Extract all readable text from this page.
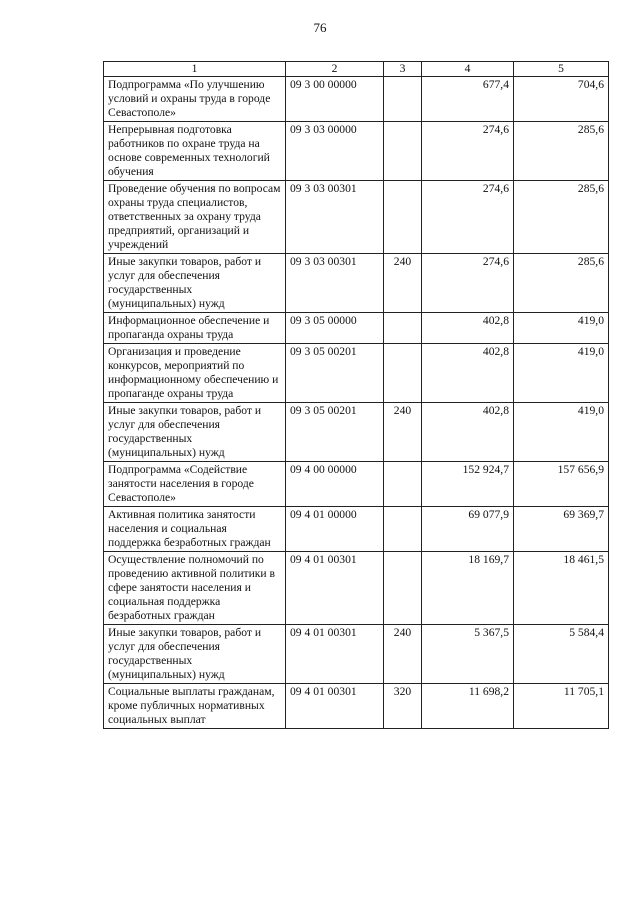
76
1	2	3	4	5
Подпрограмма «По улучшению условий и охраны труда в городе Севастополе»	09 3 00 00000		677,4	704,6
Непрерывная подготовка работников по охране труда на основе современных технологий обучения	09 3 03 00000		274,6	285,6
Проведение обучения по вопросам охраны труда специалистов, ответственных за охрану труда предприятий, организаций и учреждений	09 3 03 00301		274,6	285,6
Иные закупки товаров, работ и услуг для обеспечения государственных (муниципальных) нужд	09 3 03 00301	240	274,6	285,6
Информационное обеспечение и пропаганда охраны труда	09 3 05 00000		402,8	419,0
Организация и проведение конкурсов, мероприятий по информационному обеспечению и пропаганде охраны труда	09 3 05 00201		402,8	419,0
Иные закупки товаров, работ и услуг для обеспечения государственных (муниципальных) нужд	09 3 05 00201	240	402,8	419,0
Подпрограмма «Содействие занятости населения в городе Севастополе»	09 4 00 00000		152 924,7	157 656,9
Активная политика занятости населения и социальная поддержка безработных граждан	09 4 01 00000		69 077,9	69 369,7
Осуществление полномочий по проведению активной политики в сфере занятости населения и социальная поддержка безработных граждан	09 4 01 00301		18 169,7	18 461,5
Иные закупки товаров, работ и услуг для обеспечения государственных (муниципальных) нужд	09 4 01 00301	240	5 367,5	5 584,4
Социальные выплаты гражданам, кроме публичных нормативных социальных выплат	09 4 01 00301	320	11 698,2	11 705,1
